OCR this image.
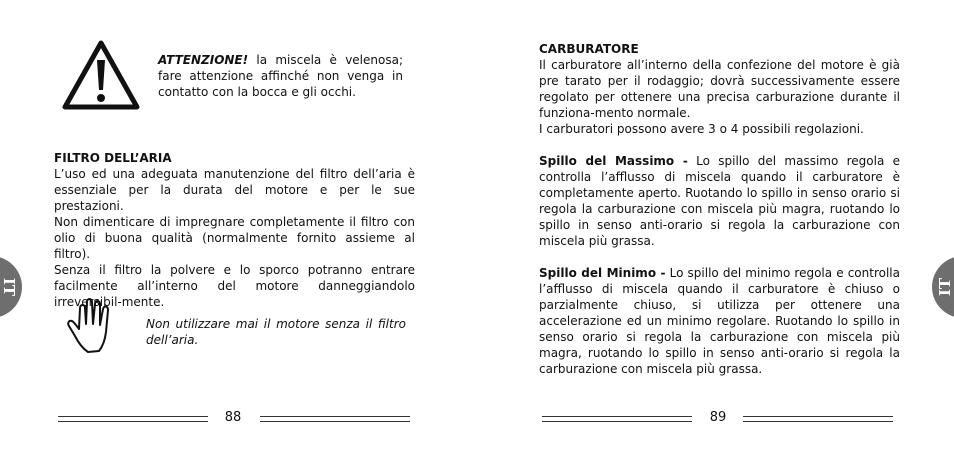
IT
ATTENZIONE! la miscela è velenosa; fare attenzione affinché non venga in contatto con la bocca e gli occhi.
FILTRO DELL’ARIA

L’uso ed una adeguata manutenzione del filtro dell’aria è essenziale per la durata del motore e per le sue prestazioni.

Non dimenticare di impregnare completamente il filtro con olio di buona qualità (normalmente fornito assieme al filtro).

Senza il filtro la polvere e lo sporco potranno entrare facilmente all’interno del motore danneggiandolo irreversibil-mente.

Non utilizzare mai il motore senza il filtro dell’aria.
88
IT
CARBURATORE

Il carburatore all’interno della confezione del motore è già pre tarato per il rodaggio; dovrà successivamente essere regolato per ottenere una precisa carburazione durante il funziona-mento normale.

I carburatori possono avere 3 o 4 possibili regolazioni.

Spillo del Massimo - Lo spillo del massimo regola e controlla l’afflusso di miscela quando il carburatore è completamente aperto. Ruotando lo spillo in senso orario si regola la carburazione con miscela più magra, ruotando lo spillo in senso anti-orario si regola la carburazione con miscela più grassa.

Spillo del Minimo - Lo spillo del minimo regola e controlla l’afflusso di miscela quando il carburatore è chiuso o parzialmente chiuso, si utilizza per ottenere una accelerazione ed un minimo regolare. Ruotando lo spillo in senso orario si regola la carburazione con miscela più magra, ruotando lo spillo in senso anti-orario si regola la carburazione con miscela più grassa.

89
